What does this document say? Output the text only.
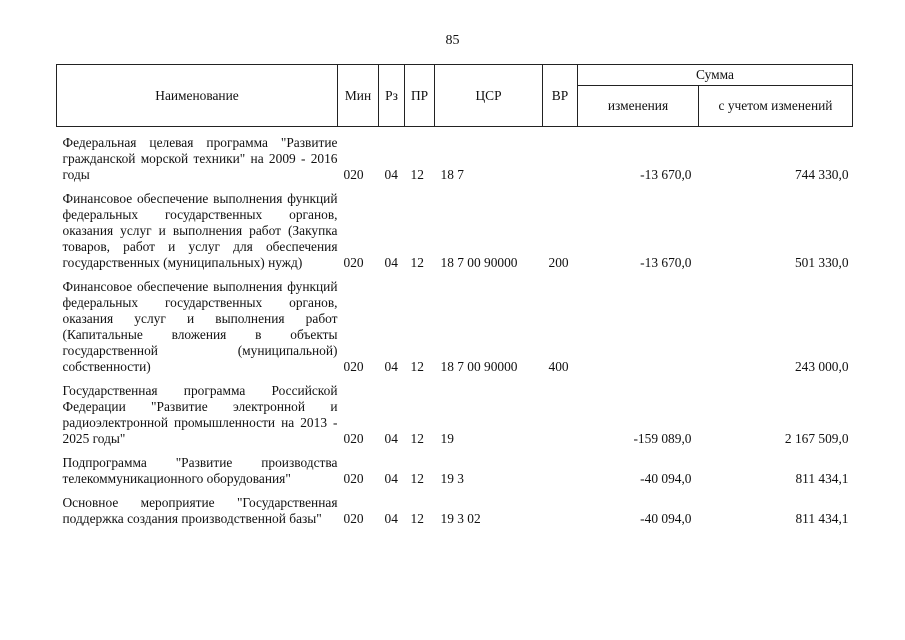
85
Наименование	Мин	Рз	ПР	ЦСР	ВР	Сумма	
						изменения	с учетом изменений

Федеральная целевая программа "Развитие гражданской морской техники" на 2009 - 2016 годы	020	04	12	18 7		-13 670,0	744 330,0

Финансовое обеспечение выполнения функций федеральных государственных органов, оказания услуг и выполнения работ (Закупка товаров, работ и услуг для обеспечения государственных (муниципальных) нужд)	020	04	12	18 7 00 90000	200	-13 670,0	501 330,0

Финансовое обеспечение выполнения функций федеральных государственных органов, оказания услуг и выполнения работ (Капитальные вложения в объекты государственной (муниципальной) собственности)	020	04	12	18 7 00 90000	400		243 000,0

Государственная программа Российской Федерации "Развитие электронной и радиоэлектронной промышленности на 2013 - 2025 годы"	020	04	12	19		-159 089,0	2 167 509,0

Подпрограмма "Развитие производства телекоммуникационного оборудования"	020	04	12	19 3		-40 094,0	811 434,1

Основное мероприятие "Государственная поддержка создания производственной базы"	020	04	12	19 3 02		-40 094,0	811 434,1
